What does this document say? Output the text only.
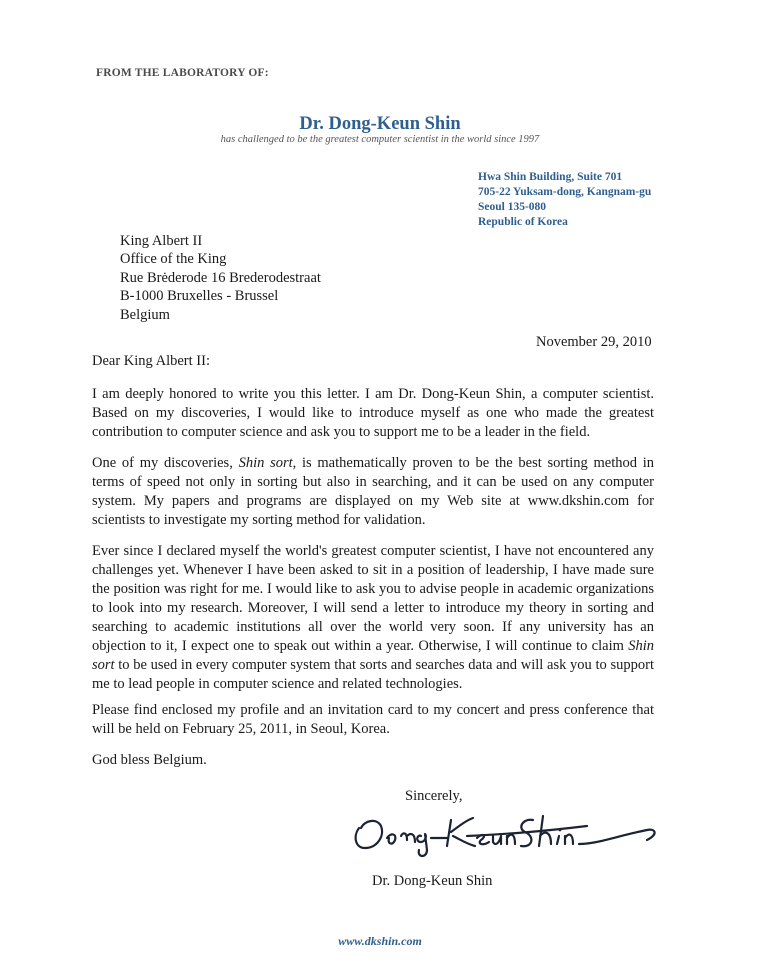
FROM THE LABORATORY OF:
Dr. Dong-Keun Shin
has challenged to be the greatest computer scientist in the world since 1997
Hwa Shin Building, Suite 701
705-22 Yuksam-dong, Kangnam-gu
Seoul 135-080
Republic of Korea
King Albert II
Office of the King
Rue Brėderode 16 Brederodestraat
B-1000 Bruxelles - Brussel
Belgium
November 29, 2010
Dear King Albert II:

I am deeply honored to write you this letter. I am Dr. Dong-Keun Shin, a computer scientist. Based on my discoveries, I would like to introduce myself as one who made the greatest contribution to computer science and ask you to support me to be a leader in the field.

One of my discoveries, Shin sort, is mathematically proven to be the best sorting method in terms of speed not only in sorting but also in searching, and it can be used on any computer system. My papers and programs are displayed on my Web site at www.dkshin.com for scientists to investigate my sorting method for validation.

Ever since I declared myself the world's greatest computer scientist, I have not encountered any challenges yet. Whenever I have been asked to sit in a position of leadership, I have made sure the position was right for me. I would like to ask you to advise people in academic organizations to look into my research. Moreover, I will send a letter to introduce my theory in sorting and searching to academic institutions all over the world very soon. If any university has an objection to it, I expect one to speak out within a year. Otherwise, I will continue to claim Shin sort to be used in every computer system that sorts and searches data and will ask you to support me to lead people in computer science and related technologies.

Please find enclosed my profile and an invitation card to my concert and press conference that will be held on February 25, 2011, in Seoul, Korea.

God bless Belgium.
Sincerely,
Dr. Dong-Keun Shin
www.dkshin.com
